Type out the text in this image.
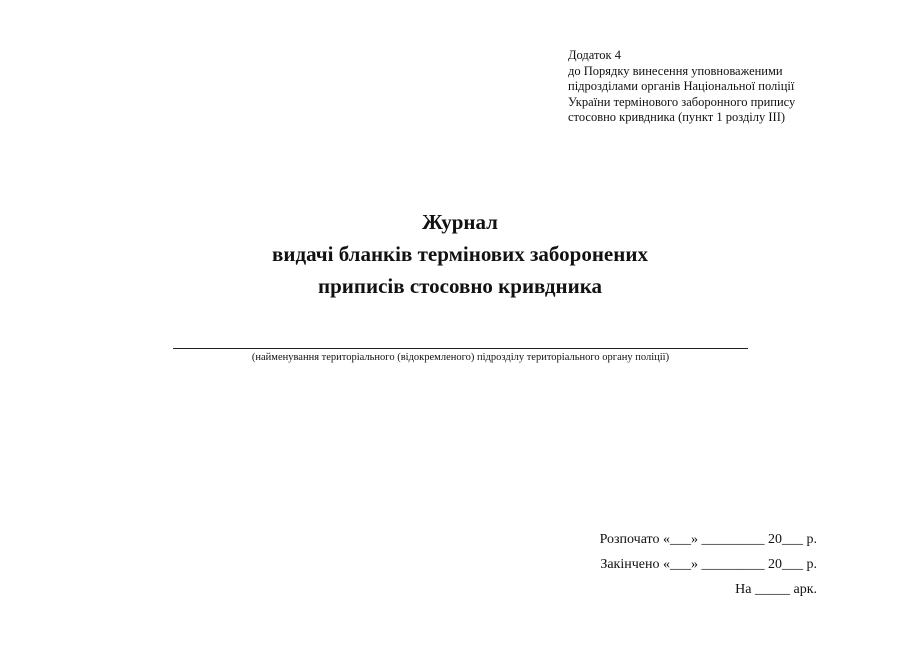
Додаток 4
до Порядку винесення уповноваженими
підрозділами органів Національної поліції
України термінового заборонного припису
стосовно кривдника (пункт 1 розділу III)
Журнал
видачі бланків термінових заборонених
приписів стосовно кривдника
(найменування територіального (відокремленого) підрозділу територіального органу поліції)
Розпочато «___» _________ 20___ р.
Закінчено «___» _________ 20___ р.
На _____ арк.
